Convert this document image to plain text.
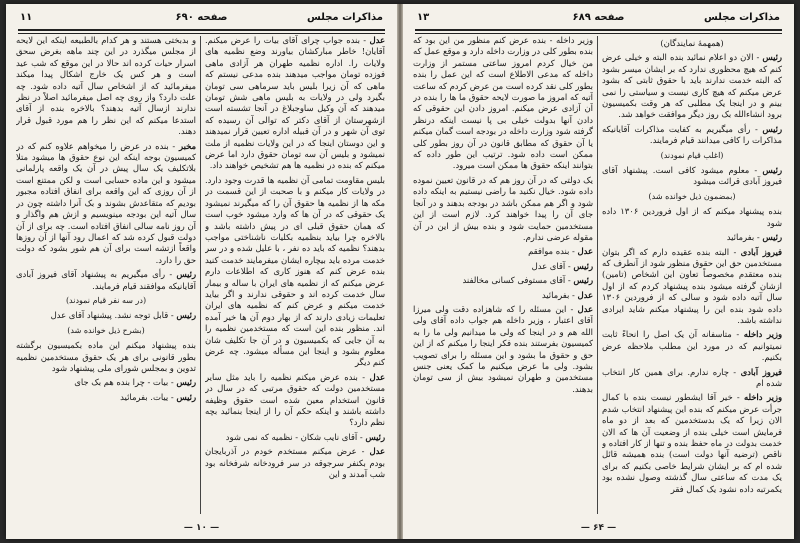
۱۱	صفحه ۶۹۰	مذاکرات مجلس

و بدبختی هستند و هر کدام بالطبیعه اینکه این لایحه از مجلس میگذرد در این چند ماهه بغرض سحق اسرار حیات کرده اند حالا در این موقع که شب عید است و هر کس یک خارج اشکال پیدا میکند میفرمائید که از اشخاص سال آتیه داده شود. چه علت دارد؟ واز روی چه اصل میفرمائید اصلاً در نظر ندارند ازسال آتیه بدهند؟ بالاخره بنده از آقای استدعا میکنم که این نظر را هم مورد قبول قرار دهند.

مخبر - بنده در عرض را میخواهم علاوه کنم که در کمیسیون بوجه اینکه این نوع حقوق ها میشود متلا بلاتکلیف یک سال پیش در آن یک واقعه پارلمانی میشود و این ماده حسابی است و لکن ممتنع است از آن روزی که این واقعه برای انفاق افتاده مجبور بودیم که متقاعدش بشوند و بک آنرا داشته چون در سال آتیه این بودجه مینویسیم و ازش هم واگذار و آن روز نامه سالی انفاق افتاده است. چه برای از آن دولت قبول کرده شد که اعمال رود آنها از آن روزها واقعاً ازتشه است برای آن هم شور بشود که دولت حق را دارد.

رئیس - رأی میگیریم به پیشنهاد آقای فیروز آبادی آقایانیکه موافقند قیام فرمایند.

(در سه نفر قیام نمودند)

رئیس - قابل توجه نشد. پیشنهاد آقای عدل

(بشرح ذیل خوانده شد)

بنده پیشنهاد میکنم این ماده بکمیسیون برگشته بطور قانونی برای هر یک حقوق مستخدمین نظمیه تدوین و بمجلس شورای ملی پیشنهاد شود

رئیس - بیات - چرا بنده هم بک جای

رئیس - ییات. بفرمائید

عدل - بنده جواب چرای آقای بیات را عرض میکنم. آقایان! خاطر مبارکشان بیاورند وضع نظمیه های ولایات را. اداره نظمیه طهران هر آزادی ماهی فوزده تومان مواجب میدهند بنده مدعی نیستم که ماهی که آن زیرا بلیس باید سرماهی سی تومان بگیرد ولی در ولایات به بلیس ماهی شش تومان میدهند که آن وکیل ساوجبلاغ در آنجا تشسته است ازشهرستان از آقای دکتر که توالی آن رسیده که توی آن شهر و در آن قبیله اداره تعیین قرار نمیدهند و این دوستان اینجا که در این ولایات نظمیه از ملت نمیشود و بلیس آن سه تومان حقوق دارد اما عرض میکنم که بنده در نظمیه ها هم تشخیص خواهند داد.

بلیس مقاومت تمامی آن نظمیه ها قدرت وجود دارد. در ولایات کار میکنم و با صحبت از این قسمت در مکه ها از نظمیه ها حقوق آن را که میگیرند نمیشود یک حقوقی که در آن ها که وارد میشود خوب است که همان حقوق قبلی ای در پیش داشته باشد و بالاخره چرا بیاید بنظمیه بکلیات ناشناختی مواجب بدهند؟ نظمیه که باید ده نفر ، با علیل شده و در سر خدمت مرده باید بیچاره ایشان میفرمایند خدمت کنید بنده عرض کنم که هنوز کاری که اطلاعات دارم عرض میکنم که از نظمیه های ایران با ساله و بیمار سال خدمت کرده اند و حقوقی ندارند و اگر بیاید خدمت میکنم و عرض کنم که نظمیه های ایران تعلیمات زیادی دارند که از بهار دوم آن ها خیر آمده اند. منظور بنده این است که مستخدمین نظمیه را به آن جایی که بکمیسیون و در آن جا تکلیف شان معلوم بشود و اینجا این مسأله میشود. چه عرض کنم دیگر

عدل - بنده عرض میکنم نظمیه را باید مثل سایر مستخدمین دولت که حقوق مرتبی که در سال در قانون استخدام معین شده است حقوق وظیفه داشته باشند و اینکه حکم آن را از اینجا بنمائید بچه نظم دارد؟

رئیس - آقای نایب شکان - نظمیه که نمی شود

عدل - عرض میکنم مستخدم خودم در آذربایجان بودم بکنفر سرجوقه در سر فرودخانه شرفخانه بود شب آمدند و این

— ۱۰ —
۱۳	صفحه ۶۸۹	مذاکرات مجلس

وزیر داخله - بنده عرض کنم منظور من این بود که بنده بطور کلی در وزارت داخله دارد و موقع عمل که من خیال کردم امروز ساعتی مستمر از وزارت داخله که مدعی الاطلاع است که این عمل را بنده بطور کلی نقد کرده است من عرض کردم که ساعت آتیه که امروز ما صورت لایحه حقوق ما ها را بنده در آن آزادی عرض میکنم. امروز دادن این حقوقی که دادن آنها بدولت خیلی بی پا نیست اینکه درنظر گرفته شود وزارت داخله در بودجه است گمان میکنم یا آن حقوق که مطابق قانون در آن روز بطور کلی ممکن است داده شود. ترتیب این طور داده که بتوانند اینکه حقوق ها ممکن است میرود.

یک دولتی که در آن روز هم که در قانون تعیین نموده داده شود. خیال نکنید ما راضی نیستیم به اینکه داده شود و اگر هم ممکن باشد در بودجه بدهند و در آنجا جای آن را پیدا خواهند کرد. لازم است از این مستخدمین حمایت شود و بنده بیش از این در آن مقوله عرضی ندارم.

عدل - بنده موافقم

رئیس - آقای عدل

رئیس - آقای مستوفی کسانی مخالفند

عدل - بفرمائید

عدل - این مسئله را که شاهزاده دقت ولی میرزا آقای اعتبار ، وزیر داخله هم جواب داده آقای ولی الله هم و در اینجا که ولی ما میدانیم ولی ما را به کمیسیون بفرستند بنده فکر اینجا را میکنم که از این حق و حقوق ما بشود و این مسئله را برای تصویب بشود. ولی ما عرض میکنیم ما کمک یعنی جنس مستخدمین و طهران نمیشود بیش از سی تومان بدهند.

(همهمهٔ نمایندگان)

رئیس - الان دو اعلام نمائید بنده البته و خیلی عرض کنم که هیچ محظوری ندارد که بر ایشان میسر بشود که البته خدمت ندارند باید با حقوق ثابتی که بشود عرض میکنم که هیچ کاری نیست و سیاستی را نمی بینم و در اینجا یک مطلبی که هر وقت بکمیسیون برود انشاءالله بک روز دیگر موافقت خواهد شد.

رئیس - رأی میگیریم به کفایت مذاکرات آقایانیکه مذاکرات را کافی میدانند قیام فرمایند.

(اغلب قیام نمودند)

رئیس - معلوم میشود کافی است. پیشنهاد آقای فیروز آبادی قرائت میشود

(بمضمون ذیل خوانده شد)

بنده پیشنهاد میکنم که از اول فروردین ۱۳۰۶ داده شود

رئیس - بفرمائید

فیروز آبادی - البته بنده عقیده دارم که اگر بتوان مستخدمین حق این حقوق منظور شود از آنطرف که بنده معتقدم مخصوصاً تعاون این اشخاص (تامین) ازشان گرفته میشود بنده پیشنهاد کردم که از اول سال آتیه داده شود و سالی که از فروردین ۱۳۰۶ داده شود بنده این را پیشنهاد میکنم شاید ایرادی نداشته باشد.

وزیر داخله - متاسفانه آن یک اصل را انحاءً ثابت نمیتوانیم که در مورد این مطلب ملاحظه عرض بکنیم.

فیروز آبادی - چاره ندارم. برای همین کار انتخاب شده ام

وزیر داخله - خیر آقا ایشطور نیست بنده با کمال جرأت عرض میکنم که بنده این پیشنهاد انتخاب شدم الان زیرا که یک بدستخدمین که بعد از دو ماه فرمایش است خیلی بنده از وضعیت آن ها که الان خدمت بدولت در ماه حفظ بنده و تنها از کار افتاده و ناقص (ترضیه آنها دولت است) بنده همیشه قائل شده ام که بر ایشان شرایط خاصی بکنیم که برای یک مدت که ساعتی سال گذشته وصول نشده بود یکمرتبه داده نشود یک کمال فقر

— ۶۴ —
